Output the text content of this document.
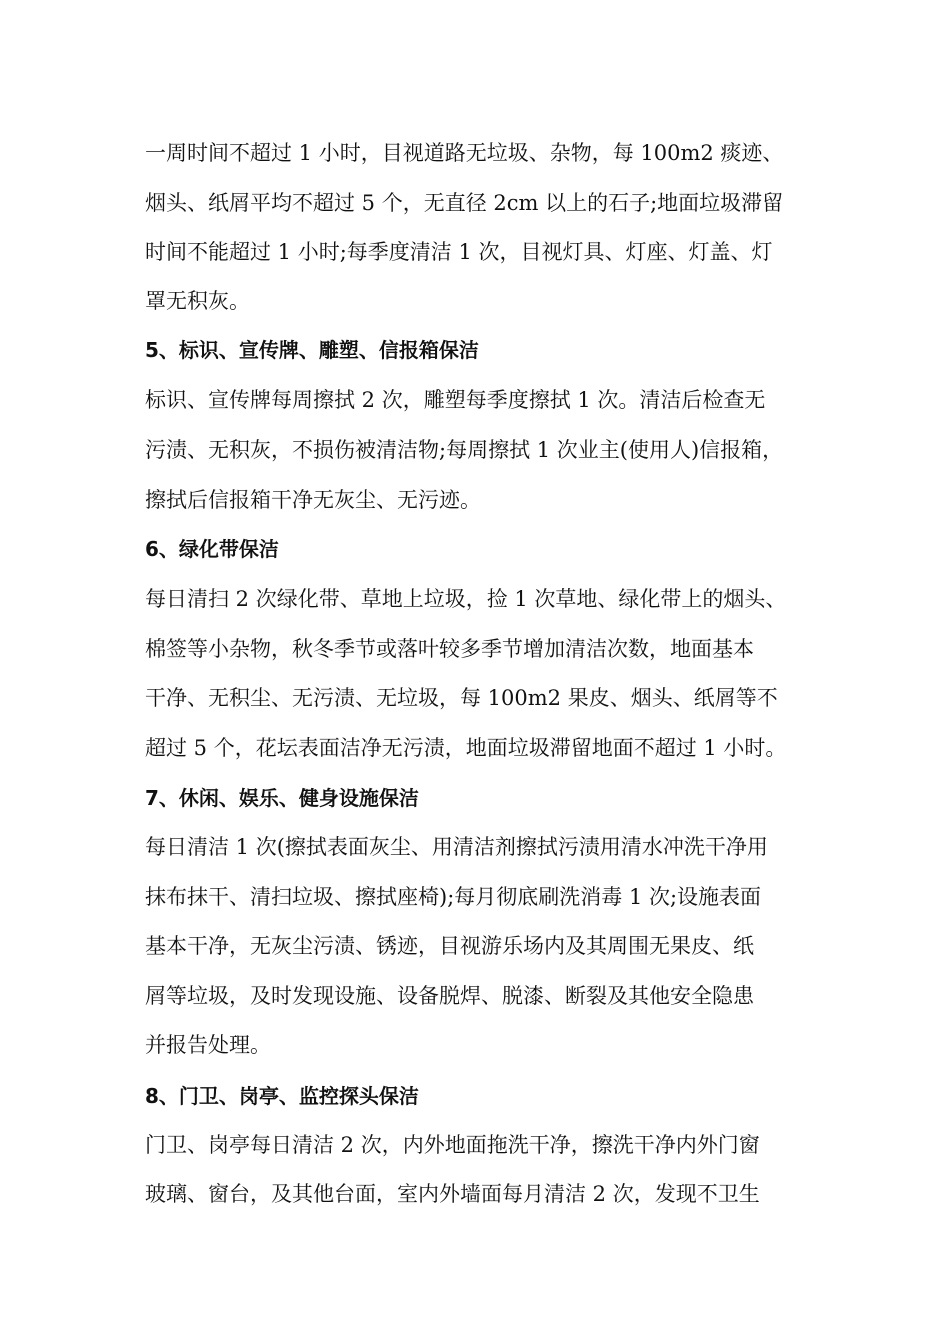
一周时间不超过 1 小时，目视道路无垃圾、杂物，每 100m2 痰迹、
烟头、纸屑平均不超过 5 个，无直径 2cm 以上的石子;地面垃圾滞留
时间不能超过 1 小时;每季度清洁 1 次，目视灯具、灯座、灯盖、灯
罩无积灰。
5、标识、宣传牌、雕塑、信报箱保洁
标识、宣传牌每周擦拭 2 次，雕塑每季度擦拭 1 次。清洁后检查无
污渍、无积灰，不损伤被清洁物;每周擦拭 1 次业主(使用人)信报箱，
擦拭后信报箱干净无灰尘、无污迹。
6、绿化带保洁
每日清扫 2 次绿化带、草地上垃圾，捡 1 次草地、绿化带上的烟头、
棉签等小杂物，秋冬季节或落叶较多季节增加清洁次数，地面基本
干净、无积尘、无污渍、无垃圾，每 100m2 果皮、烟头、纸屑等不
超过 5 个，花坛表面洁净无污渍，地面垃圾滞留地面不超过 1 小时。
7、休闲、娱乐、健身设施保洁
每日清洁 1 次(擦拭表面灰尘、用清洁剂擦拭污渍用清水冲洗干净用
抹布抹干、清扫垃圾、擦拭座椅);每月彻底刷洗消毒 1 次;设施表面
基本干净，无灰尘污渍、锈迹，目视游乐场内及其周围无果皮、纸
屑等垃圾，及时发现设施、设备脱焊、脱漆、断裂及其他安全隐患
并报告处理。
8、门卫、岗亭、监控探头保洁
门卫、岗亭每日清洁 2 次，内外地面拖洗干净，擦洗干净内外门窗
玻璃、窗台，及其他台面，室内外墙面每月清洁 2 次，发现不卫生
